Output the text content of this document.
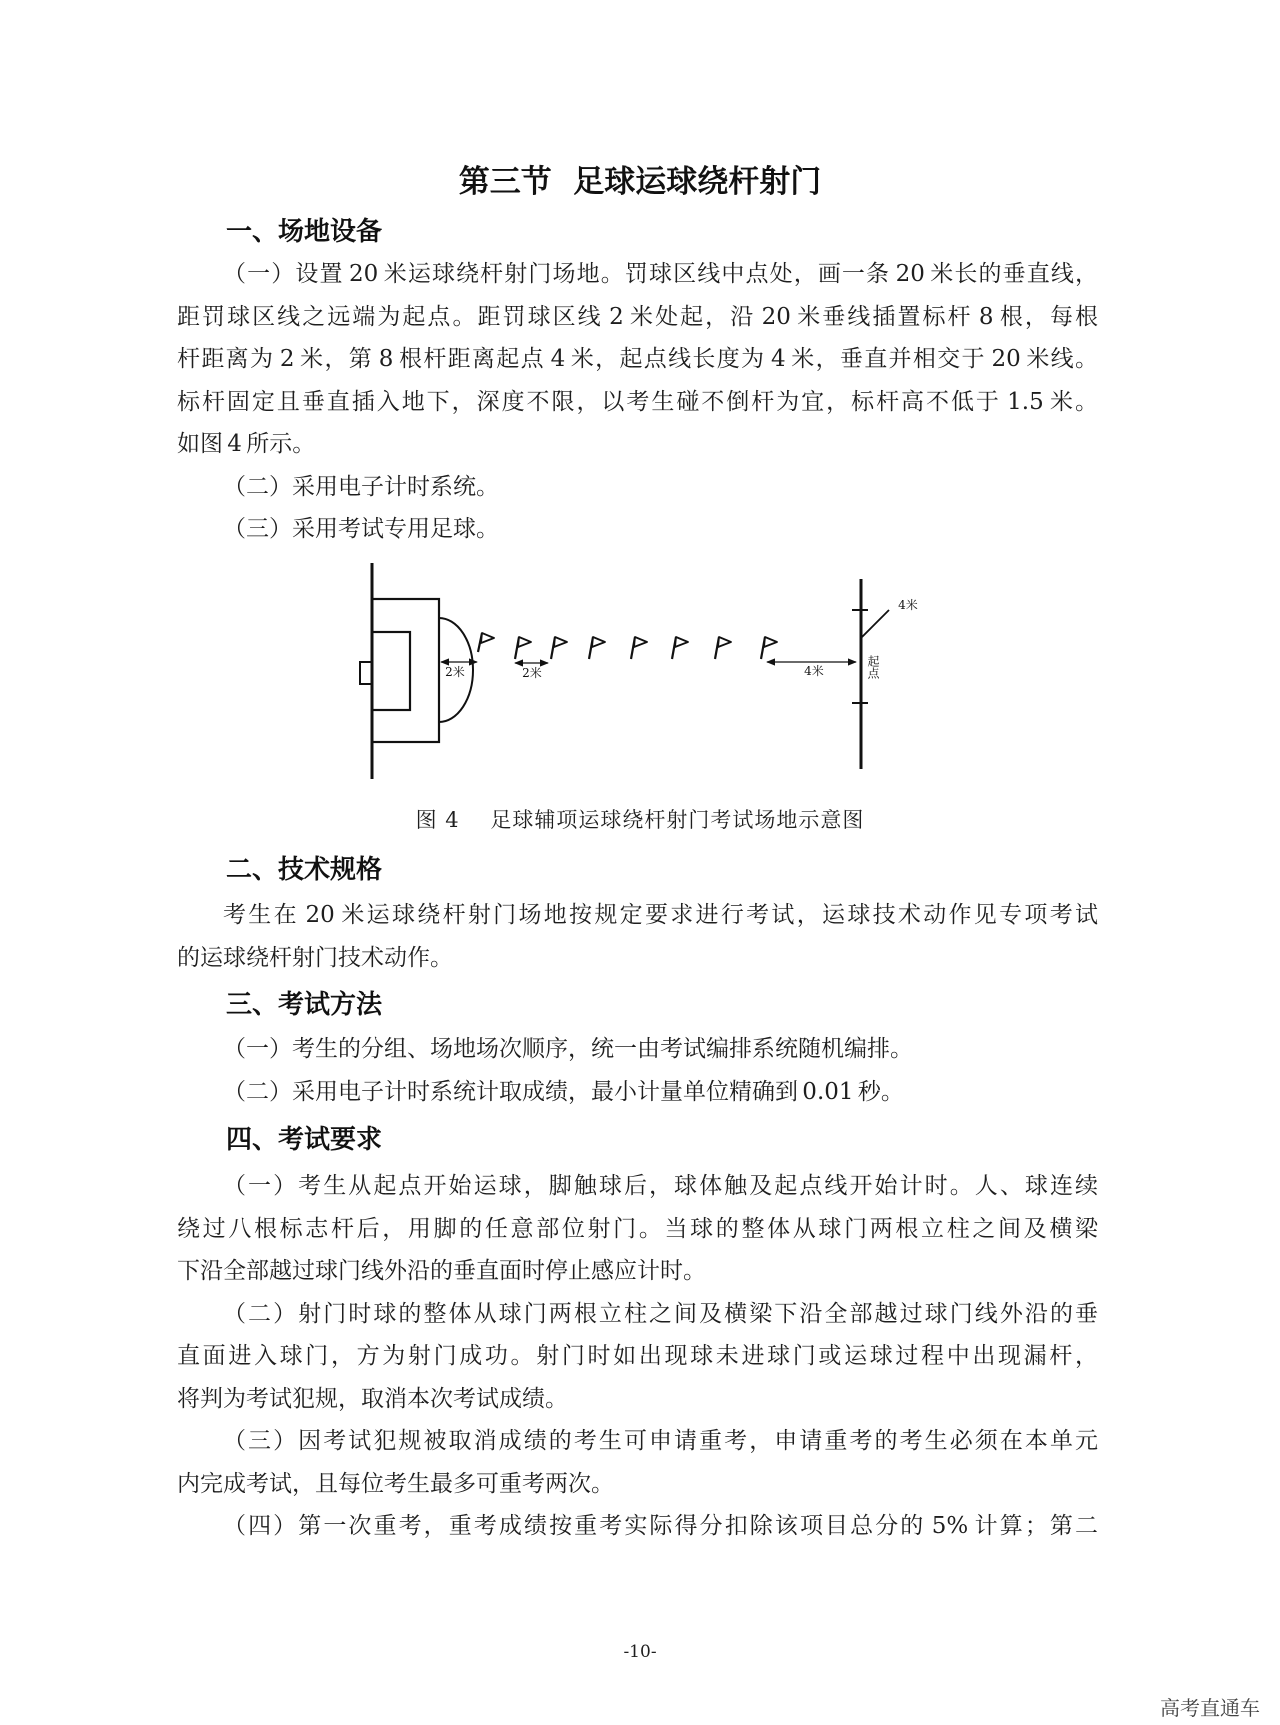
第三节  足球运球绕杆射门
一、场地设备
（一）设置 20 米运球绕杆射门场地。罚球区线中点处，画一条 20 米长的垂直线，
距罚球区线之远端为起点。距罚球区线 2 米处起，沿 20 米垂线插置标杆 8 根，每根
杆距离为 2 米，第 8 根杆距离起点 4 米，起点线长度为 4 米，垂直并相交于 20 米线。
标杆固定且垂直插入地下，深度不限，以考生碰不倒杆为宜，标杆高不低于 1.5 米。
如图 4 所示。
（二）采用电子计时系统。
（三）采用考试专用足球。
2米	2米	4米
4米
起点
图 4    足球辅项运球绕杆射门考试场地示意图
二、技术规格
考生在 20 米运球绕杆射门场地按规定要求进行考试，运球技术动作见专项考试
的运球绕杆射门技术动作。
三、考试方法
（一）考生的分组、场地场次顺序，统一由考试编排系统随机编排。
（二）采用电子计时系统计取成绩，最小计量单位精确到 0.01 秒。
四、考试要求
（一）考生从起点开始运球，脚触球后，球体触及起点线开始计时。人、球连续
绕过八根标志杆后，用脚的任意部位射门。当球的整体从球门两根立柱之间及横梁
下沿全部越过球门线外沿的垂直面时停止感应计时。
（二）射门时球的整体从球门两根立柱之间及横梁下沿全部越过球门线外沿的垂
直面进入球门，方为射门成功。射门时如出现球未进球门或运球过程中出现漏杆，
将判为考试犯规，取消本次考试成绩。
（三）因考试犯规被取消成绩的考生可申请重考，申请重考的考生必须在本单元
内完成考试，且每位考生最多可重考两次。
（四）第一次重考，重考成绩按重考实际得分扣除该项目总分的 5% 计算；第二
-10-
高考直通车
